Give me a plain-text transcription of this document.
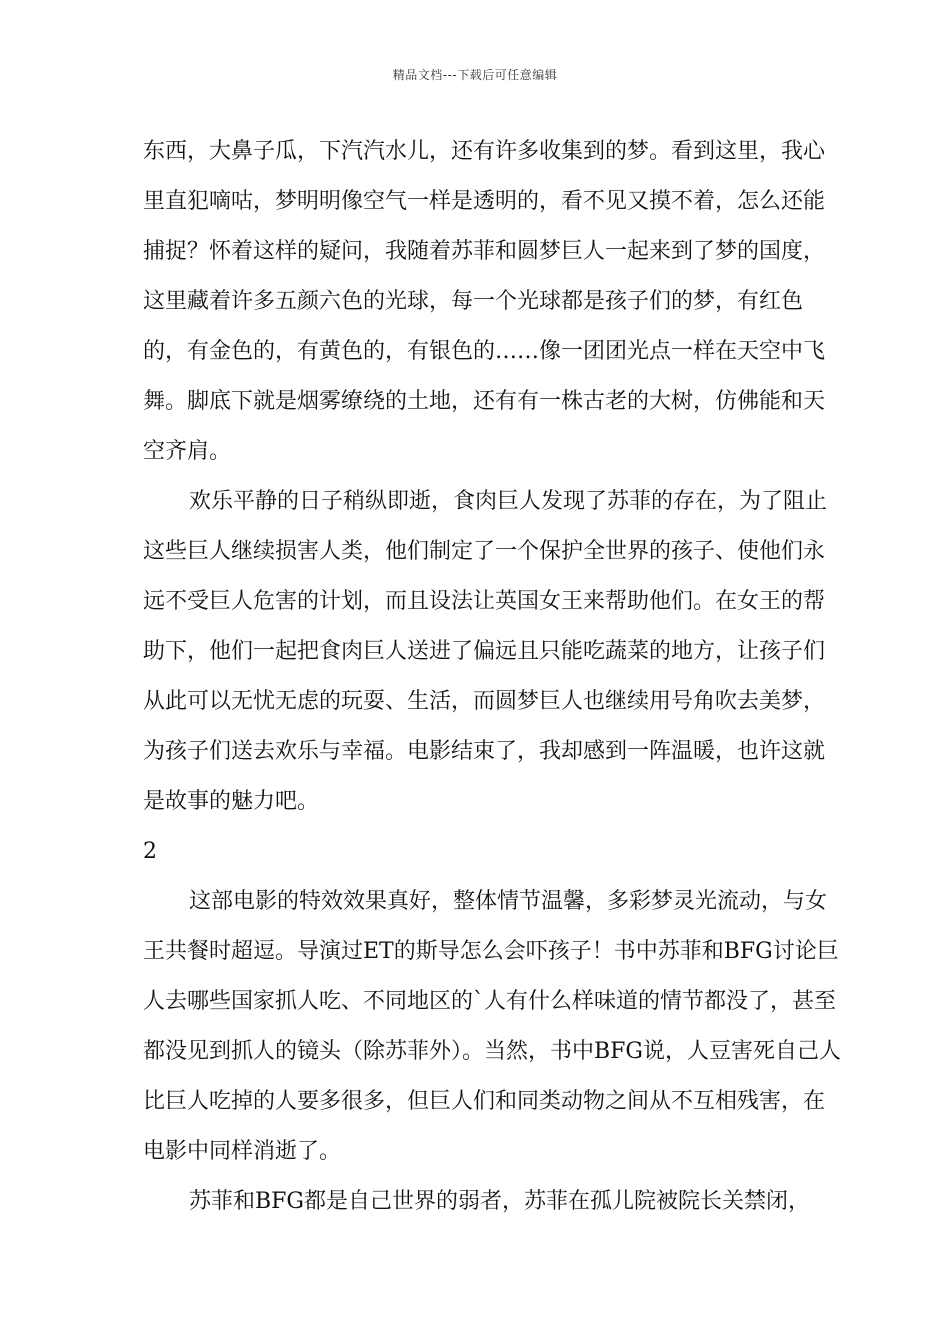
精品文档---下载后可任意编辑

东西，大鼻子瓜，下汽汽水儿，还有许多收集到的梦。看到这里，我心里直犯嘀咕，梦明明像空气一样是透明的，看不见又摸不着，怎么还能捕捉？怀着这样的疑问，我随着苏菲和圆梦巨人一起来到了梦的国度，这里藏着许多五颜六色的光球，每一个光球都是孩子们的梦，有红色的，有金色的，有黄色的，有银色的……像一团团光点一样在天空中飞舞。脚底下就是烟雾缭绕的土地，还有有一株古老的大树，仿佛能和天空齐肩。

欢乐平静的日子稍纵即逝，食肉巨人发现了苏菲的存在，为了阻止这些巨人继续损害人类，他们制定了一个保护全世界的孩子、使他们永远不受巨人危害的计划，而且设法让英国女王来帮助他们。在女王的帮助下，他们一起把食肉巨人送进了偏远且只能吃蔬菜的地方，让孩子们从此可以无忧无虑的玩耍、生活，而圆梦巨人也继续用号角吹去美梦，为孩子们送去欢乐与幸福。电影结束了，我却感到一阵温暖，也许这就是故事的魅力吧。

2

这部电影的特效效果真好，整体情节温馨，多彩梦灵光流动，与女王共餐时超逗。导演过ET的斯导怎么会吓孩子！书中苏菲和BFG讨论巨人去哪些国家抓人吃、不同地区的`人有什么样味道的情节都没了，甚至都没见到抓人的镜头（除苏菲外）。当然，书中BFG说，人豆害死自己人比巨人吃掉的人要多很多，但巨人们和同类动物之间从不互相残害，在电影中同样消逝了。

苏菲和BFG都是自己世界的弱者，苏菲在孤儿院被院长关禁闭，
